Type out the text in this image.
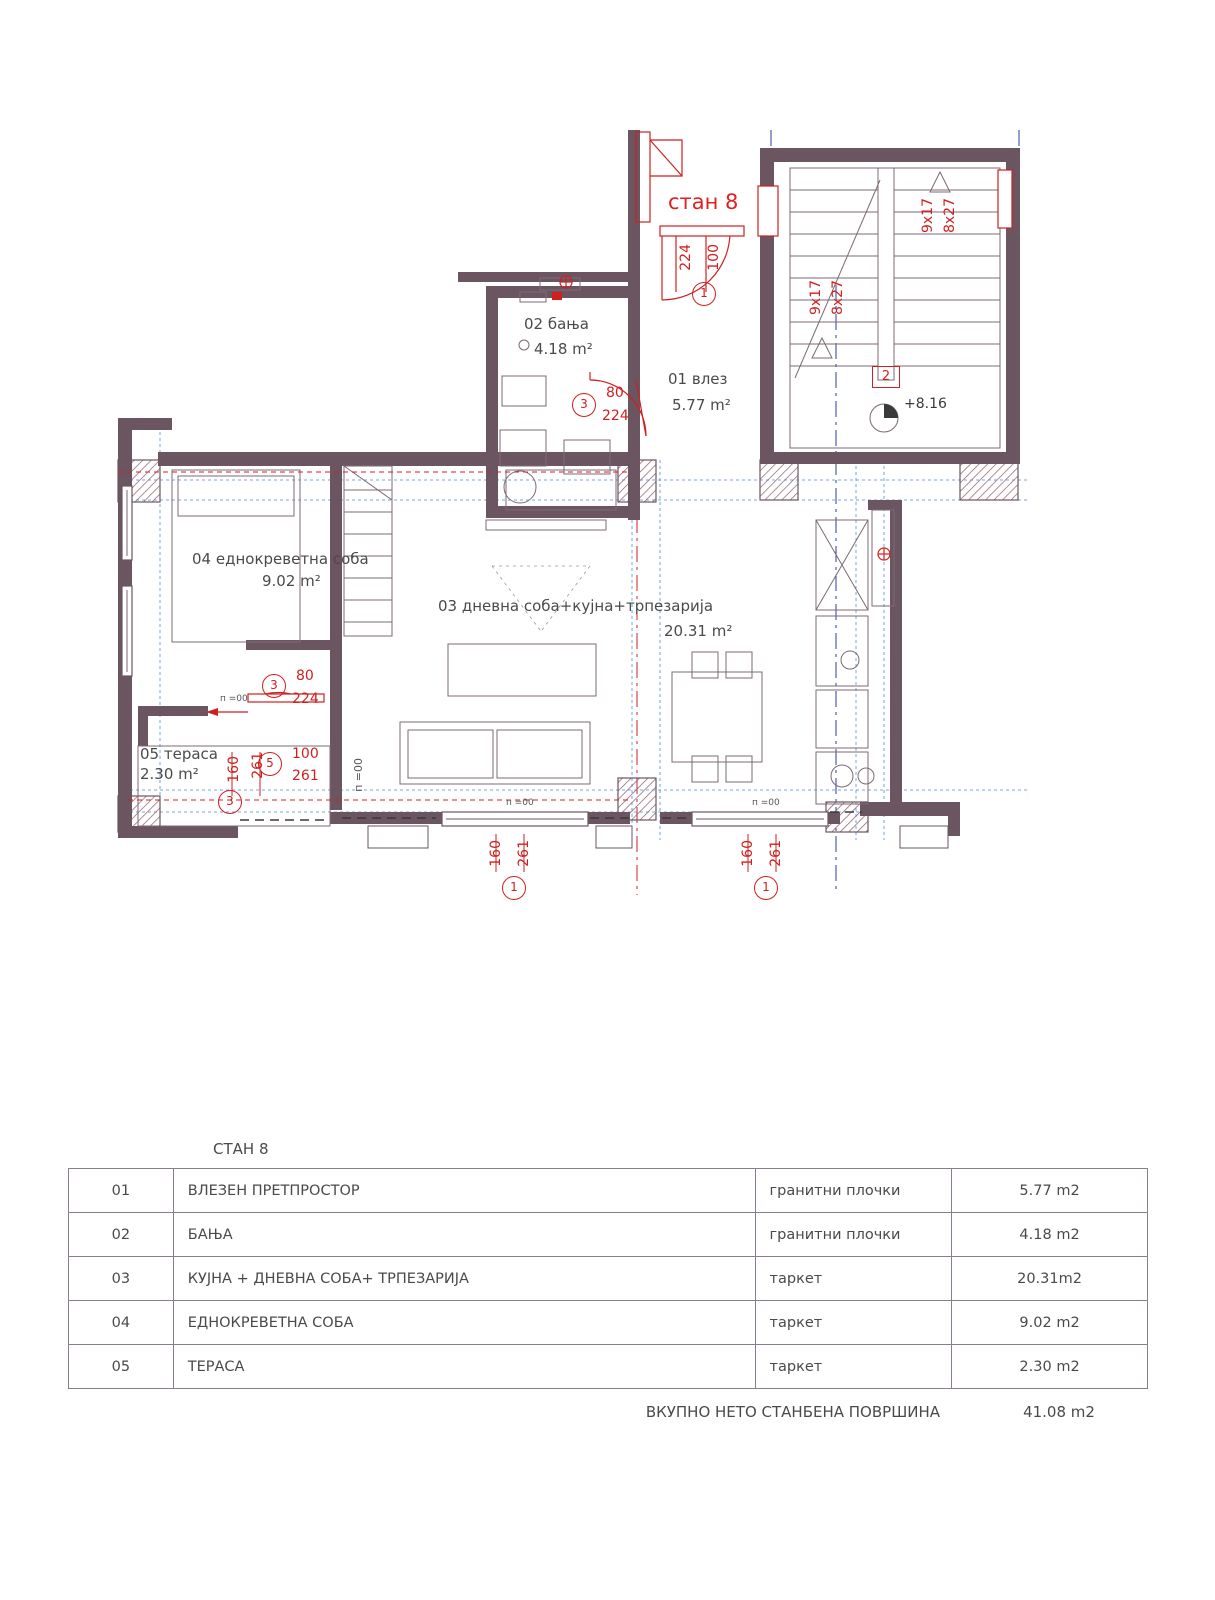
стан 8
02 бања
4.18 m²
01 влез
5.77 m²
04 еднокреветна соба
9.02 m²
03 дневна соба+кујна+трпезарија
20.31 m²
05 тераса
2.30 m²
+8.16
9x17 8x27
9x17 8x27
224 100
1
80
224
3
80
224
3
100
261
5
160 261
1
160 261
1
160 261
3
2
п =00
п =00	п =00
п =00
СТАН 8
01	ВЛЕЗЕН ПРЕТПРОСТОР	гранитни плочки	5.77 m2
02	БАЊА	гранитни плочки	4.18 m2
03	КУЈНА + ДНЕВНА СОБА+ ТРПЕЗАРИЈА	таркет	20.31m2
04	ЕДНОКРЕВЕТНА СОБА	таркет	9.02 m2
05	ТЕРАСА	таркет	2.30 m2
ВКУПНО НЕТО СТАНБЕНА ПОВРШИНА	41.08 m2
